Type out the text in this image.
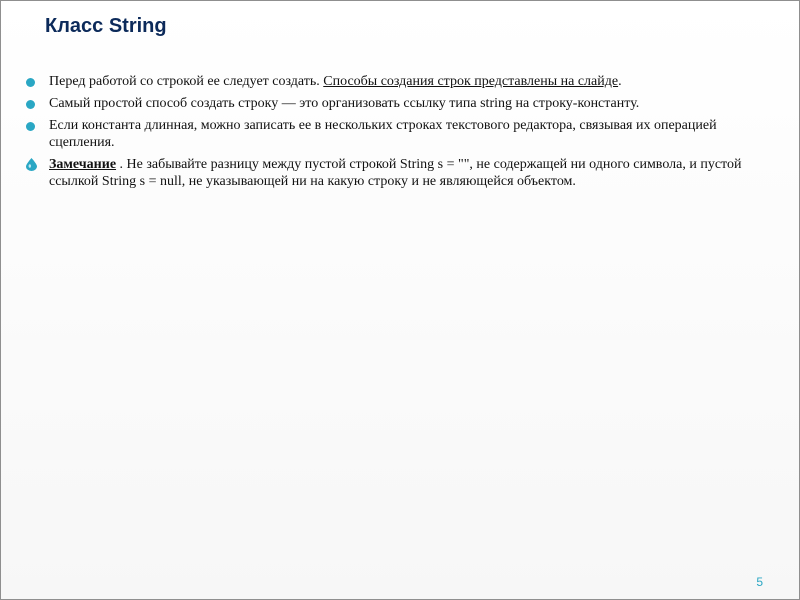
Класс String
Перед работой со строкой ее следует создать. Способы создания строк представлены на слайде.
Самый простой способ создать строку — это организовать ссылку типа string на строку-константу.
Если константа длинная, можно записать ее в нескольких строках текстового редактора, связывая их операцией сцепления.
Замечание . Не забывайте разницу между пустой строкой String s = "", не содержащей ни одного символа, и пустой ссылкой String s = null, не указывающей ни на какую строку и не являющейся объектом.
5
